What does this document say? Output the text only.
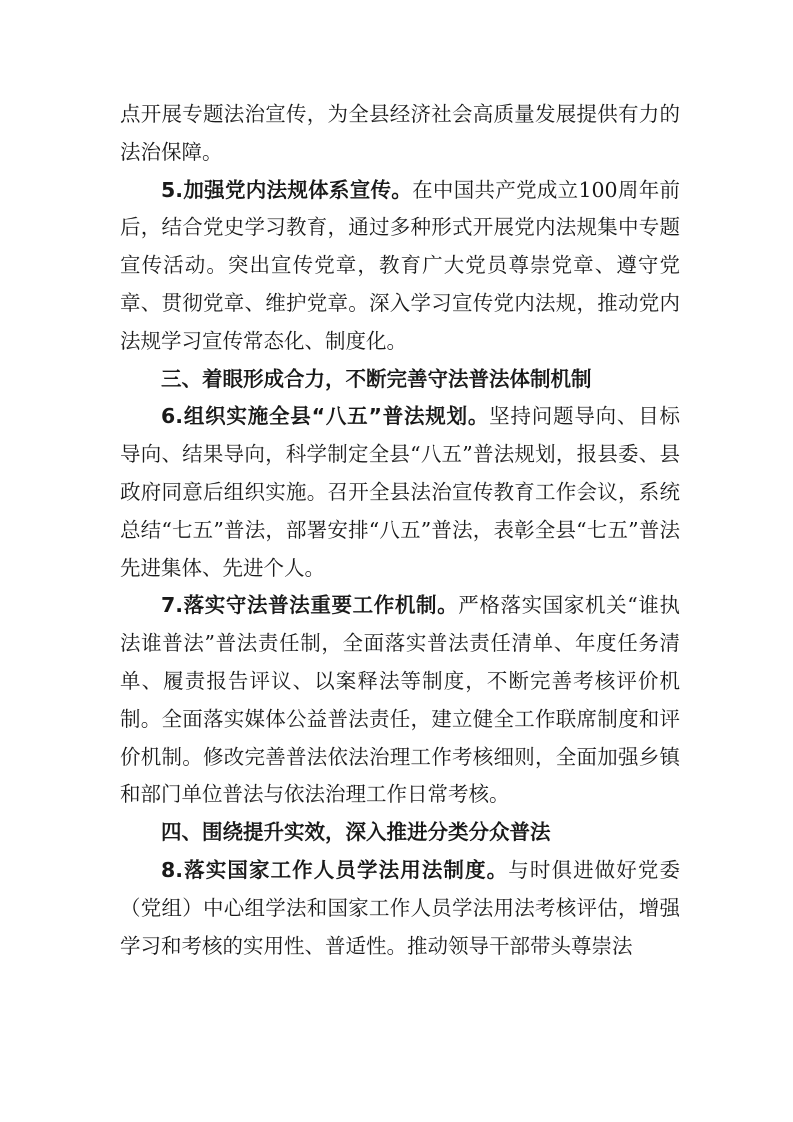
点开展专题法治宣传，为全县经济社会高质量发展提供有力的法治保障。

5.加强党内法规体系宣传。在中国共产党成立100周年前后，结合党史学习教育，通过多种形式开展党内法规集中专题宣传活动。突出宣传党章，教育广大党员尊崇党章、遵守党章、贯彻党章、维护党章。深入学习宣传党内法规，推动党内法规学习宣传常态化、制度化。

三、着眼形成合力，不断完善守法普法体制机制

6.组织实施全县“八五”普法规划。坚持问题导向、目标导向、结果导向，科学制定全县“八五”普法规划，报县委、县政府同意后组织实施。召开全县法治宣传教育工作会议，系统总结“七五”普法，部署安排“八五”普法，表彰全县“七五”普法先进集体、先进个人。

7.落实守法普法重要工作机制。严格落实国家机关“谁执法谁普法”普法责任制，全面落实普法责任清单、年度任务清单、履责报告评议、以案释法等制度，不断完善考核评价机制。全面落实媒体公益普法责任，建立健全工作联席制度和评价机制。修改完善普法依法治理工作考核细则，全面加强乡镇和部门单位普法与依法治理工作日常考核。

四、围绕提升实效，深入推进分类分众普法

8.落实国家工作人员学法用法制度。与时俱进做好党委（党组）中心组学法和国家工作人员学法用法考核评估，增强学习和考核的实用性、普适性。推动领导干部带头尊崇法
